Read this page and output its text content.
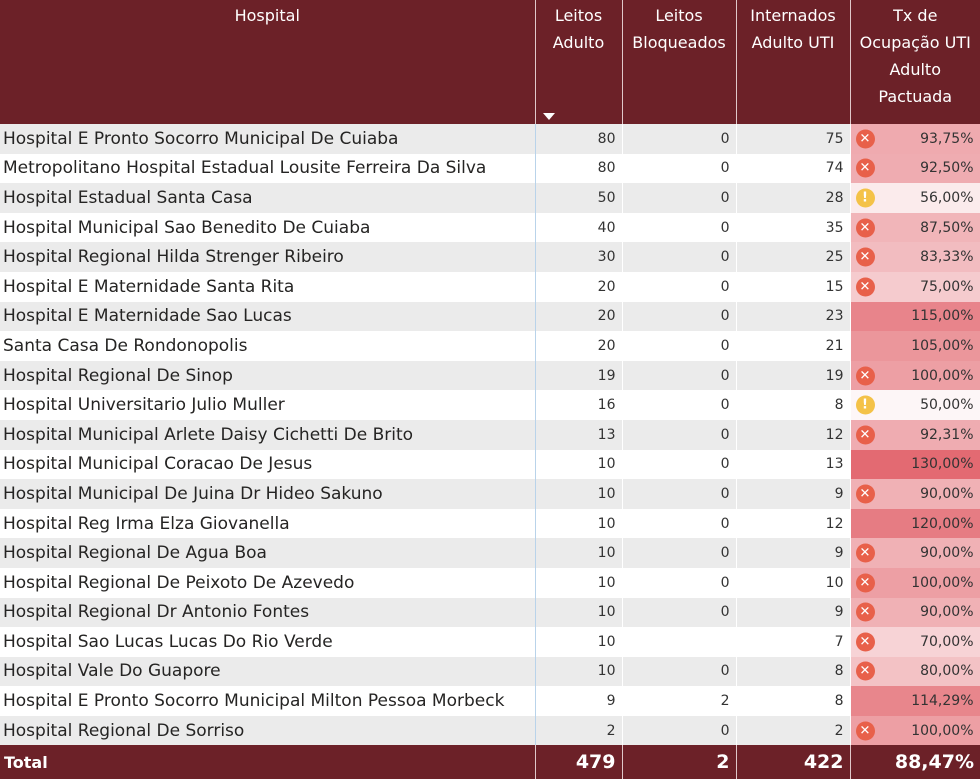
Hospital	Leitos Adulto	Leitos Bloqueados	Internados Adulto UTI	Tx de Ocupação UTI Adulto Pactuada
Hospital E Pronto Socorro Municipal De Cuiaba	80	0	75	✕ 93,75%
Metropolitano Hospital Estadual Lousite Ferreira Da Silva	80	0	74	✕ 92,50%
Hospital Estadual Santa Casa	50	0	28	! 56,00%
Hospital Municipal Sao Benedito De Cuiaba	40	0	35	✕ 87,50%
Hospital Regional Hilda Strenger Ribeiro	30	0	25	✕ 83,33%
Hospital E Maternidade Santa Rita	20	0	15	✕ 75,00%
Hospital E Maternidade Sao Lucas	20	0	23	115,00%
Santa Casa De Rondonopolis	20	0	21	105,00%
Hospital Regional De Sinop	19	0	19	✕ 100,00%
Hospital Universitario Julio Muller	16	0	8	! 50,00%
Hospital Municipal Arlete Daisy Cichetti De Brito	13	0	12	✕ 92,31%
Hospital Municipal Coracao De Jesus	10	0	13	130,00%
Hospital Municipal De Juina Dr Hideo Sakuno	10	0	9	✕ 90,00%
Hospital Reg Irma Elza Giovanella	10	0	12	120,00%
Hospital Regional De Agua Boa	10	0	9	✕ 90,00%
Hospital Regional De Peixoto De Azevedo	10	0	10	✕ 100,00%
Hospital Regional Dr Antonio Fontes	10	0	9	✕ 90,00%
Hospital Sao Lucas Lucas Do Rio Verde	10		7	✕ 70,00%
Hospital Vale Do Guapore	10	0	8	✕ 80,00%
Hospital E Pronto Socorro Municipal Milton Pessoa Morbeck	9	2	8	114,29%
Hospital Regional De Sorriso	2	0	2	✕ 100,00%
Total	479	2	422	88,47%
